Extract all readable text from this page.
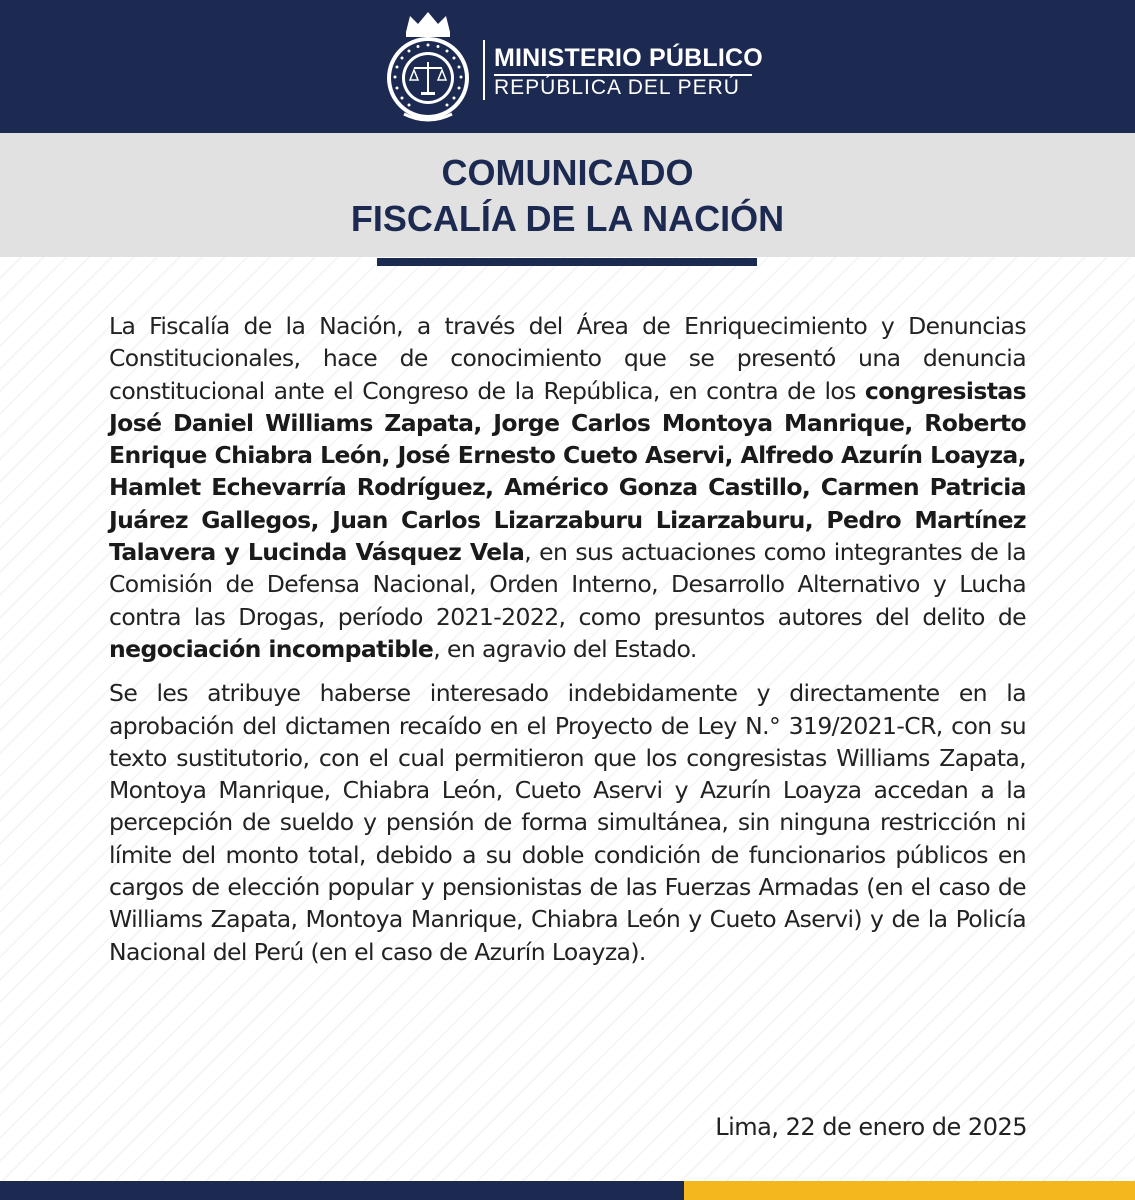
MINISTERIO PÚBLICO
REPÚBLICA DEL PERÚ
COMUNICADO
FISCALÍA DE LA NACIÓN

La Fiscalía de la Nación, a través del Área de Enriquecimiento y Denuncias Constitucionales, hace de conocimiento que se presentó una denuncia constitucional ante el Congreso de la República, en contra de los congresistas José Daniel Williams Zapata, Jorge Carlos Montoya Manrique, Roberto Enrique Chiabra León, José Ernesto Cueto Aservi, Alfredo Azurín Loayza, Hamlet Echevarría Rodríguez, Américo Gonza Castillo, Carmen Patricia Juárez Gallegos, Juan Carlos Lizarzaburu Lizarzaburu, Pedro Martínez Talavera y Lucinda Vásquez Vela, en sus actuaciones como integrantes de la Comisión de Defensa Nacional, Orden Interno, Desarrollo Alternativo y Lucha contra las Drogas, período 2021-2022, como presuntos autores del delito de negociación incompatible, en agravio del Estado.

Se les atribuye haberse interesado indebidamente y directamente en la aprobación del dictamen recaído en el Proyecto de Ley N.° 319/2021-CR, con su texto sustitutorio, con el cual permitieron que los congresistas Williams Zapata, Montoya Manrique, Chiabra León, Cueto Aservi y Azurín Loayza accedan a la percepción de sueldo y pensión de forma simultánea, sin ninguna restricción ni límite del monto total, debido a su doble condición de funcionarios públicos en cargos de elección popular y pensionistas de las Fuerzas Armadas (en el caso de Williams Zapata, Montoya Manrique, Chiabra León y Cueto Aservi) y de la Policía Nacional del Perú (en el caso de Azurín Loayza).

Lima, 22 de enero de 2025
